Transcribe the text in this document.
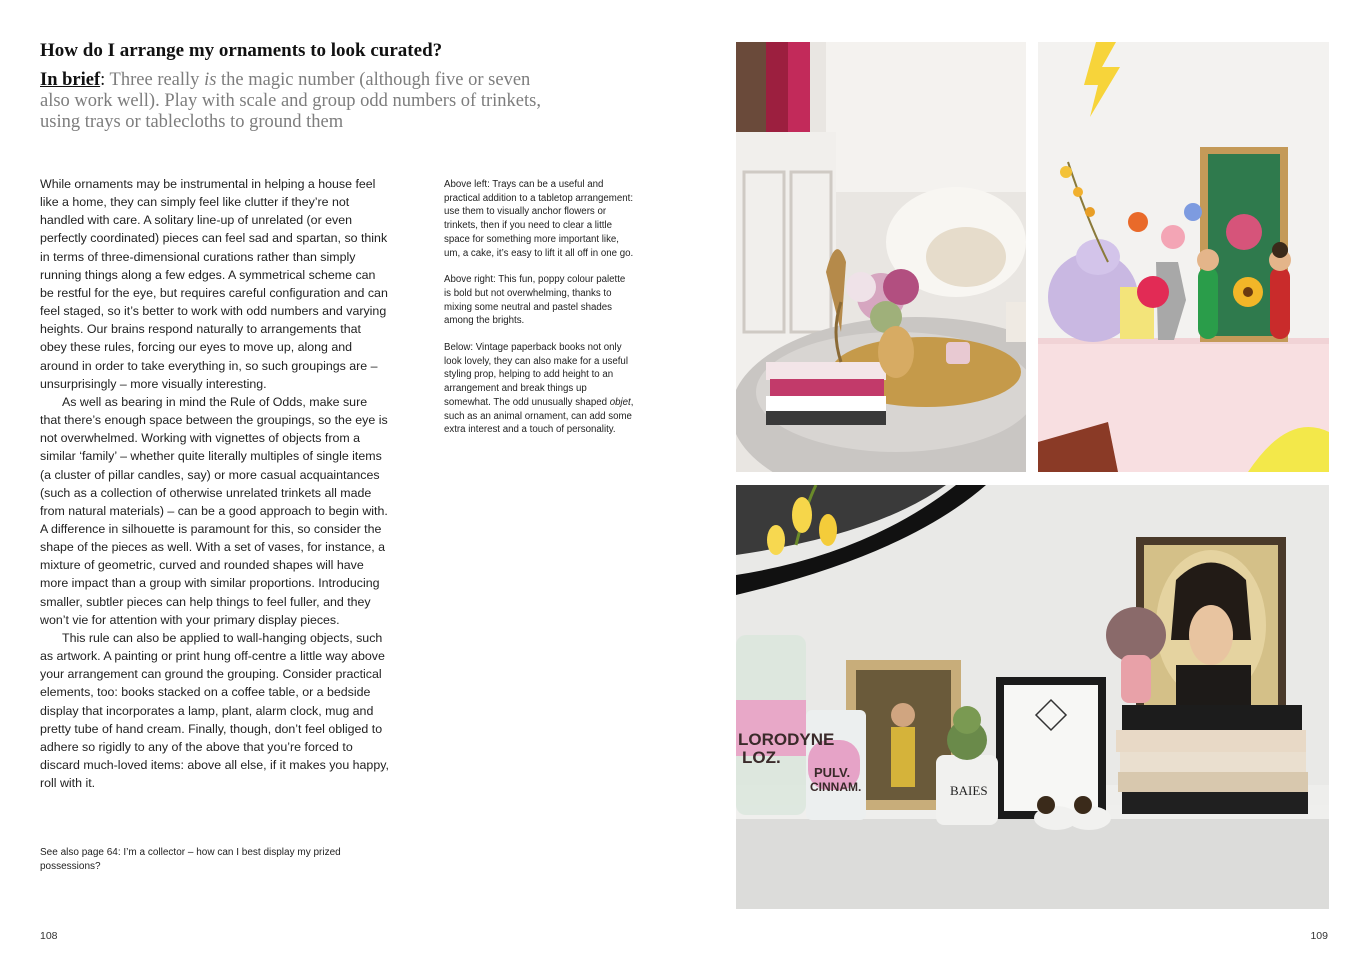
How do I arrange my ornaments to look curated?

In brief: Three really is the magic number (although five or seven also work well). Play with scale and group odd numbers of trinkets, using trays or tablecloths to ground them

While ornaments may be instrumental in helping a house feel like a home, they can simply feel like clutter if they’re not handled with care. A solitary line-up of unrelated (or even perfectly coordinated) pieces can feel sad and spartan, so think in terms of three-dimensional curations rather than simply running things along a few edges. A symmetrical scheme can be restful for the eye, but requires careful configuration and can feel staged, so it’s better to work with odd numbers and varying heights. Our brains respond naturally to arrangements that obey these rules, forcing our eyes to move up, along and around in order to take everything in, so such groupings are – unsurprisingly – more visually interesting.

As well as bearing in mind the Rule of Odds, make sure that there’s enough space between the groupings, so the eye is not overwhelmed. Working with vignettes of objects from a similar ‘family’ – whether quite literally multiples of single items (a cluster of pillar candles, say) or more casual acquaintances (such as a collection of otherwise unrelated trinkets all made from natural materials) – can be a good approach to begin with. A difference in silhouette is paramount for this, so consider the shape of the pieces as well. With a set of vases, for instance, a mixture of geometric, curved and rounded shapes will have more impact than a group with similar proportions. Introducing smaller, subtler pieces can help things to feel fuller, and they won’t vie for attention with your primary display pieces.

This rule can also be applied to wall-hanging objects, such as artwork. A painting or print hung off-centre a little way above your arrangement can ground the grouping. Consider practical elements, too: books stacked on a coffee table, or a bedside display that incorporates a lamp, plant, alarm clock, mug and pretty tube of hand cream. Finally, though, don’t feel obliged to adhere so rigidly to any of the above that you’re forced to discard much-loved items: above all else, if it makes you happy, roll with it.

See also page 64: I’m a collector – how can I best display my prized possessions?

Above left: Trays can be a useful and practical addition to a tabletop arrangement: use them to visually anchor flowers or trinkets, then if you need to clear a little space for something more important like, um, a cake, it’s easy to lift it all off in one go.

Above right: This fun, poppy colour palette is bold but not overwhelming, thanks to mixing some neutral and pastel shades among the brights.

Below: Vintage paperback books not only look lovely, they can also make for a useful styling prop, helping to add height to an arrangement and break things up somewhat. The odd unusually shaped objet, such as an animal ornament, can add some extra interest and a touch of personality.

LORODYNE
LOZ.
PULV.
CINNAM.	BAIES

108	109
